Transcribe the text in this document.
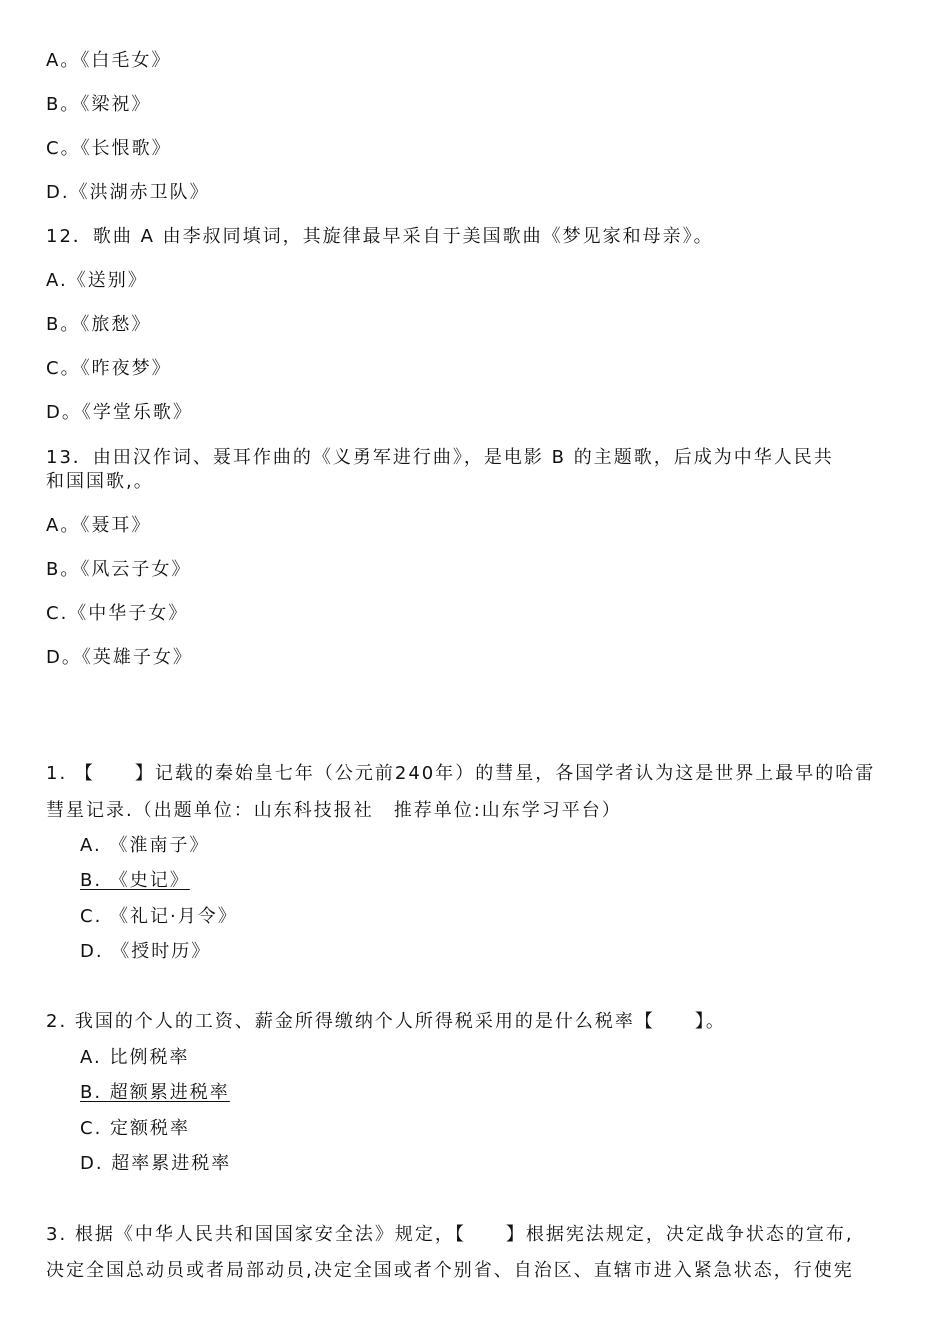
A。《白毛女》
B。《梁祝》
C。《长恨歌》
D.《洪湖赤卫队》
12．歌曲 A 由李叔同填词，其旋律最早采自于美国歌曲《梦见家和母亲》。
A.《送别》
B。《旅愁》
C。《昨夜梦》
D。《学堂乐歌》
13．由田汉作词、聂耳作曲的《义勇军进行曲》，是电影 B 的主题歌，后成为中华人民共
和国国歌,。
A。《聂耳》
B。《风云子女》
C.《中华子女》
D。《英雄子女》
1. 【　　】记载的秦始皇七年（公元前240年）的彗星，各国学者认为这是世界上最早的哈雷
彗星记录.（出题单位：山东科技报社　推荐单位:山东学习平台）
A. 《淮南子》
B. 《史记》
C. 《礼记·月令》
D. 《授时历》
2. 我国的个人的工资、薪金所得缴纳个人所得税采用的是什么税率【　　】。
A. 比例税率
B. 超额累进税率
C. 定额税率
D. 超率累进税率
3. 根据《中华人民共和国国家安全法》规定，【　　】根据宪法规定，决定战争状态的宣布,
决定全国总动员或者局部动员,决定全国或者个别省、自治区、直辖市进入紧急状态，行使宪
